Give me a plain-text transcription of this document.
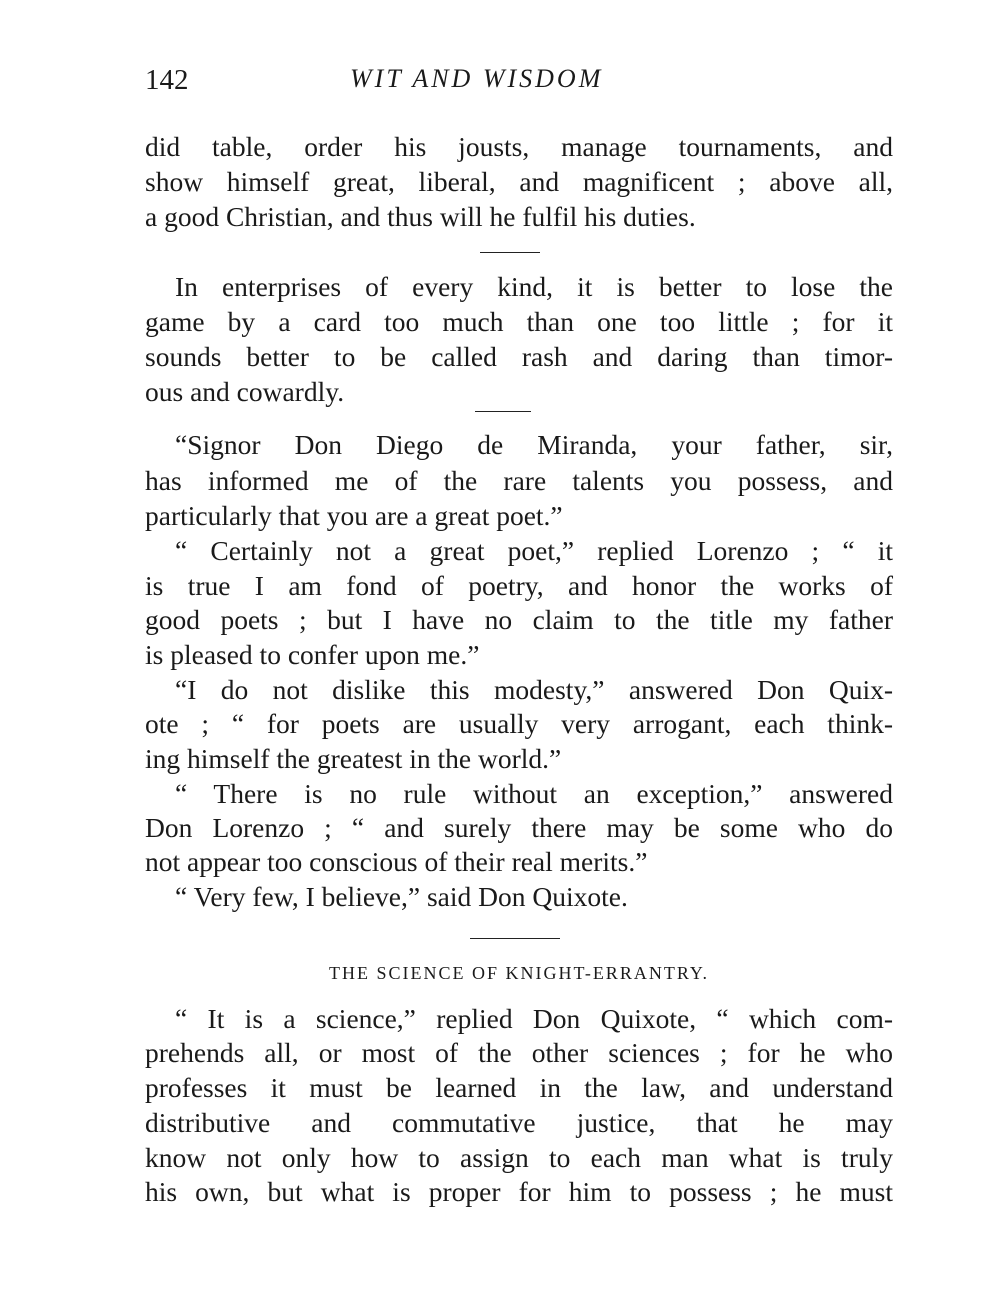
142	WIT AND WISDOM
THE SCIENCE OF KNIGHT-ERRANTRY.
did table, order his jousts, manage tournaments, and
show himself great, liberal, and magnificent ; above all,
a good Christian, and thus will he fulfil his duties.
In enterprises of every kind, it is better to lose the
game by a card too much than one too little ; for it
sounds better to be called rash and daring than timor-
ous and cowardly.
“Signor Don Diego de Miranda, your father, sir,
has informed me of the rare talents you possess, and
particularly that you are a great poet.”
“ Certainly not a great poet,” replied Lorenzo ; “ it
is true I am fond of poetry, and honor the works of
good poets ; but I have no claim to the title my father
is pleased to confer upon me.”
“I do not dislike this modesty,” answered Don Quix-
ote ; “ for poets are usually very arrogant, each think-
ing himself the greatest in the world.”
“ There is no rule without an exception,” answered
Don Lorenzo ; “ and surely there may be some who do
not appear too conscious of their real merits.”
“ Very few, I believe,” said Don Quixote.
“ It is a science,” replied Don Quixote, “ which com-
prehends all, or most of the other sciences ; for he who
professes it must be learned in the law, and understand
distributive and commutative justice, that he may
know not only how to assign to each man what is truly
his own, but what is proper for him to possess ; he must
